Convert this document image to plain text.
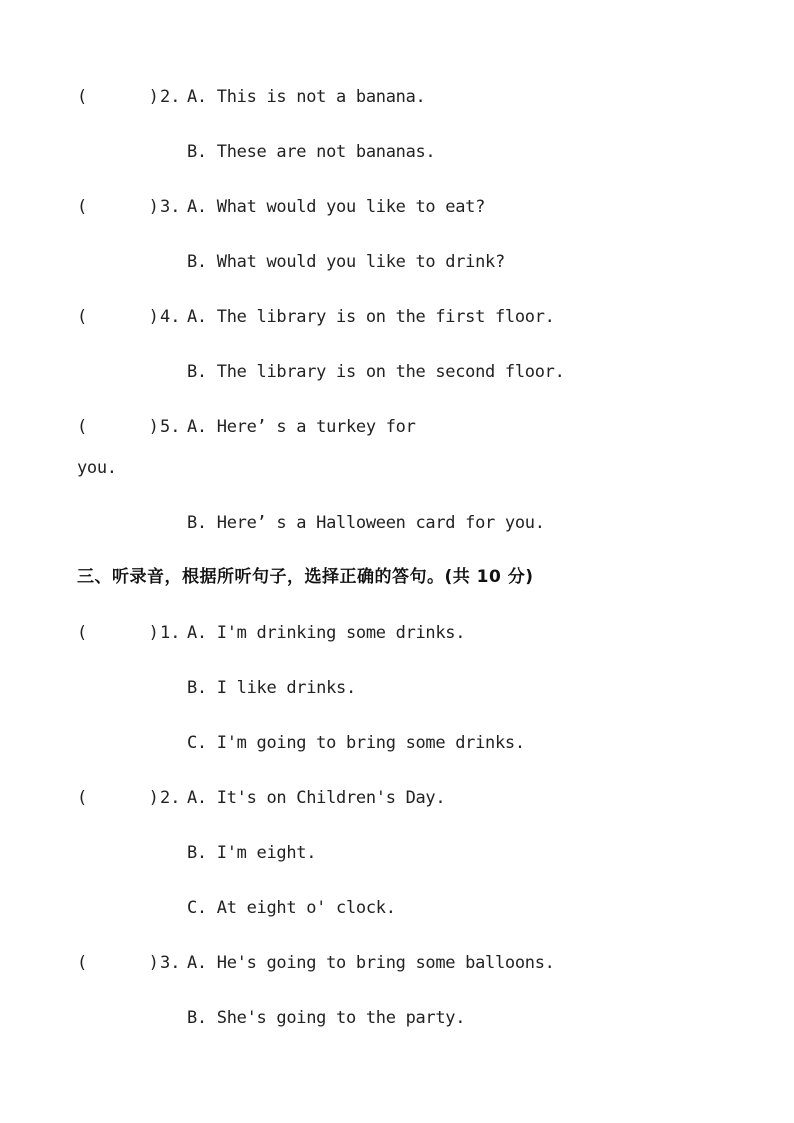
(      ) 2. A. This is not a banana.
B. These are not bananas.
(      ) 3. A. What would you like to eat?
B. What would you like to drink?
(      ) 4. A. The library is on the first floor.
B. The library is on the second floor.
(      ) 5. A. Here’ s a turkey for
you.
B. Here’ s a Halloween card for you.
三、听录音，根据所听句子，选择正确的答句。(共 10 分)
(      ) 1. A. I'm drinking some drinks.
B. I like drinks.
C. I'm going to bring some drinks.
(      ) 2. A. It's on Children's Day.
B. I'm eight.
C. At eight o' clock.
(      ) 3. A. He's going to bring some balloons.
B. She's going to the party.
